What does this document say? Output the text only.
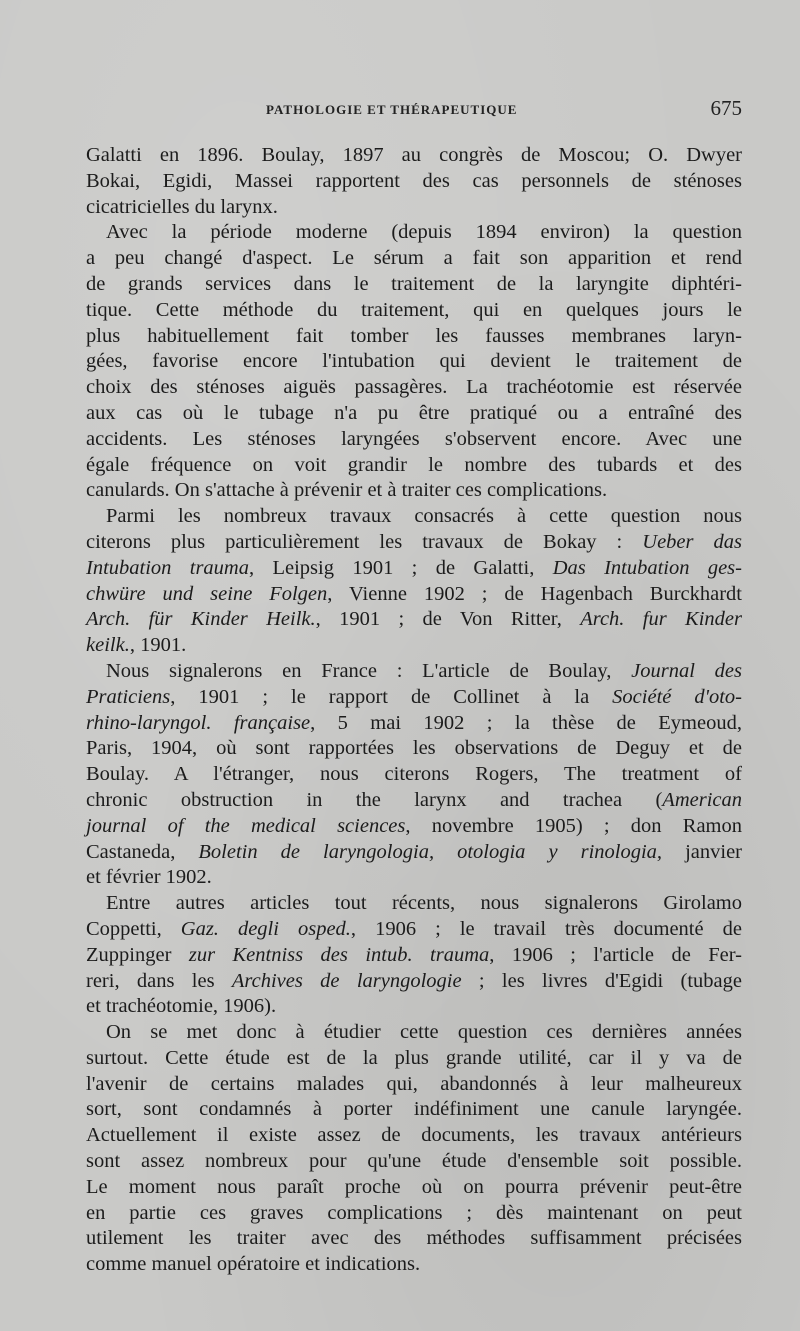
PATHOLOGIE ET THÉRAPEUTIQUE	675
Galatti en 1896. Boulay, 1897 au congrès de Moscou; O. Dwyer
Bokai, Egidi, Massei rapportent des cas personnels de sténoses
cicatricielles du larynx.
Avec la période moderne (depuis 1894 environ) la question
a peu changé d'aspect. Le sérum a fait son apparition et rend
de grands services dans le traitement de la laryngite diphtéri-
tique. Cette méthode du traitement, qui en quelques jours le
plus habituellement fait tomber les fausses membranes laryn-
gées, favorise encore l'intubation qui devient le traitement de
choix des sténoses aiguës passagères. La trachéotomie est réservée
aux cas où le tubage n'a pu être pratiqué ou a entraîné des
accidents. Les sténoses laryngées s'observent encore. Avec une
égale fréquence on voit grandir le nombre des tubards et des
canulards. On s'attache à prévenir et à traiter ces complications.
Parmi les nombreux travaux consacrés à cette question nous
citerons plus particulièrement les travaux de Bokay : Ueber das
Intubation trauma, Leipsig 1901 ; de Galatti, Das Intubation ges-
chwüre und seine Folgen, Vienne 1902 ; de Hagenbach Burckhardt
Arch. für Kinder Heilk., 1901 ; de Von Ritter, Arch. fur Kinder
keilk., 1901.
Nous signalerons en France : L'article de Boulay, Journal des
Praticiens, 1901 ; le rapport de Collinet à la Société d'oto-
rhino-laryngol. française, 5 mai 1902 ; la thèse de Eymeoud,
Paris, 1904, où sont rapportées les observations de Deguy et de
Boulay. A l'étranger, nous citerons Rogers, The treatment of
chronic obstruction in the larynx and trachea (American
journal of the medical sciences, novembre 1905) ; don Ramon
Castaneda, Boletin de laryngologia, otologia y rinologia, janvier
et février 1902.
Entre autres articles tout récents, nous signalerons Girolamo
Coppetti, Gaz. degli osped., 1906 ; le travail très documenté de
Zuppinger zur Kentniss des intub. trauma, 1906 ; l'article de Fer-
reri, dans les Archives de laryngologie ; les livres d'Egidi (tubage
et trachéotomie, 1906).
On se met donc à étudier cette question ces dernières années
surtout. Cette étude est de la plus grande utilité, car il y va de
l'avenir de certains malades qui, abandonnés à leur malheureux
sort, sont condamnés à porter indéfiniment une canule laryngée.
Actuellement il existe assez de documents, les travaux antérieurs
sont assez nombreux pour qu'une étude d'ensemble soit possible.
Le moment nous paraît proche où on pourra prévenir peut-être
en partie ces graves complications ; dès maintenant on peut
utilement les traiter avec des méthodes suffisamment précisées
comme manuel opératoire et indications.
